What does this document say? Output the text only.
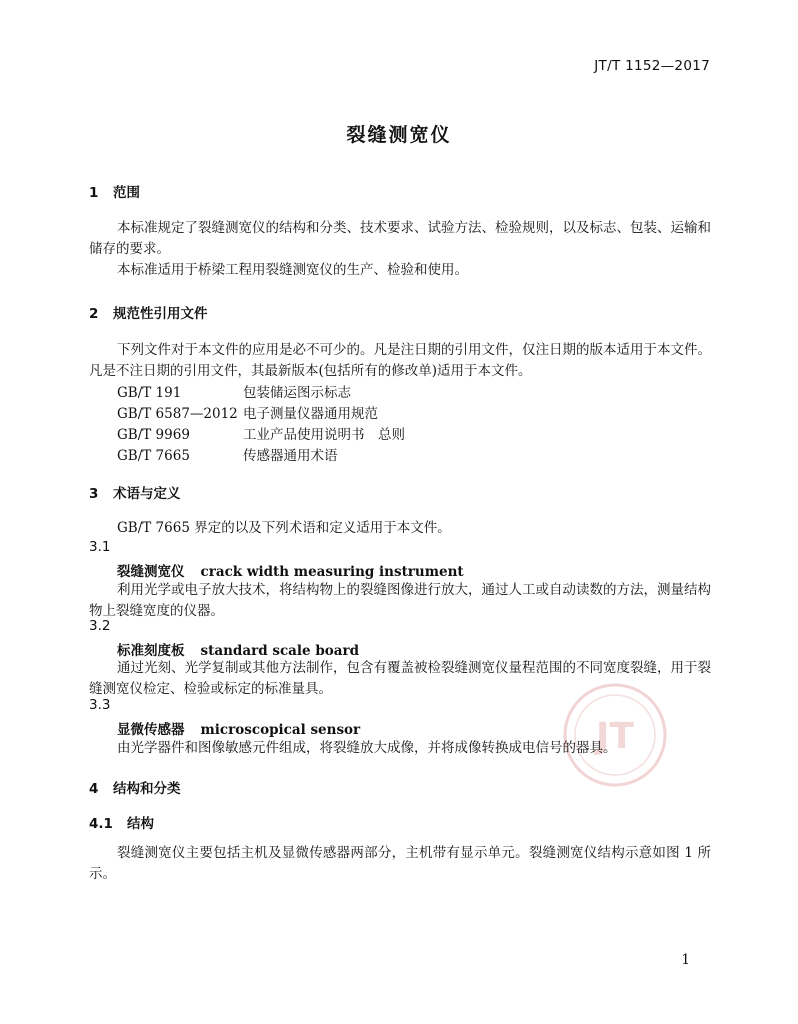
JT/T 1152—2017
裂缝测宽仪
JT
1 范围
本标准规定了裂缝测宽仪的结构和分类、技术要求、试验方法、检验规则，以及标志、包装、运输和储存的要求。
本标准适用于桥梁工程用裂缝测宽仪的生产、检验和使用。
2 规范性引用文件
下列文件对于本文件的应用是必不可少的。凡是注日期的引用文件，仅注日期的版本适用于本文件。凡是不注日期的引用文件，其最新版本(包括所有的修改单)适用于本文件。
GB/T 191	包装储运图示标志
GB/T 6587—2012 电子测量仪器通用规范
GB/T 9969	工业产品使用说明书　总则
GB/T 7665	传感器通用术语
3 术语与定义
GB/T 7665 界定的以及下列术语和定义适用于本文件。
3.1
裂缝测宽仪 crack width measuring instrument
利用光学或电子放大技术，将结构物上的裂缝图像进行放大，通过人工或自动读数的方法，测量结构物上裂缝宽度的仪器。
3.2
标准刻度板 standard scale board
通过光刻、光学复制或其他方法制作，包含有覆盖被检裂缝测宽仪量程范围的不同宽度裂缝，用于裂缝测宽仪检定、检验或标定的标准量具。
3.3
显微传感器 microscopical sensor
由光学器件和图像敏感元件组成，将裂缝放大成像，并将成像转换成电信号的器具。
4 结构和分类
4.1 结构
裂缝测宽仪主要包括主机及显微传感器两部分，主机带有显示单元。裂缝测宽仪结构示意如图 1 所示。
1
